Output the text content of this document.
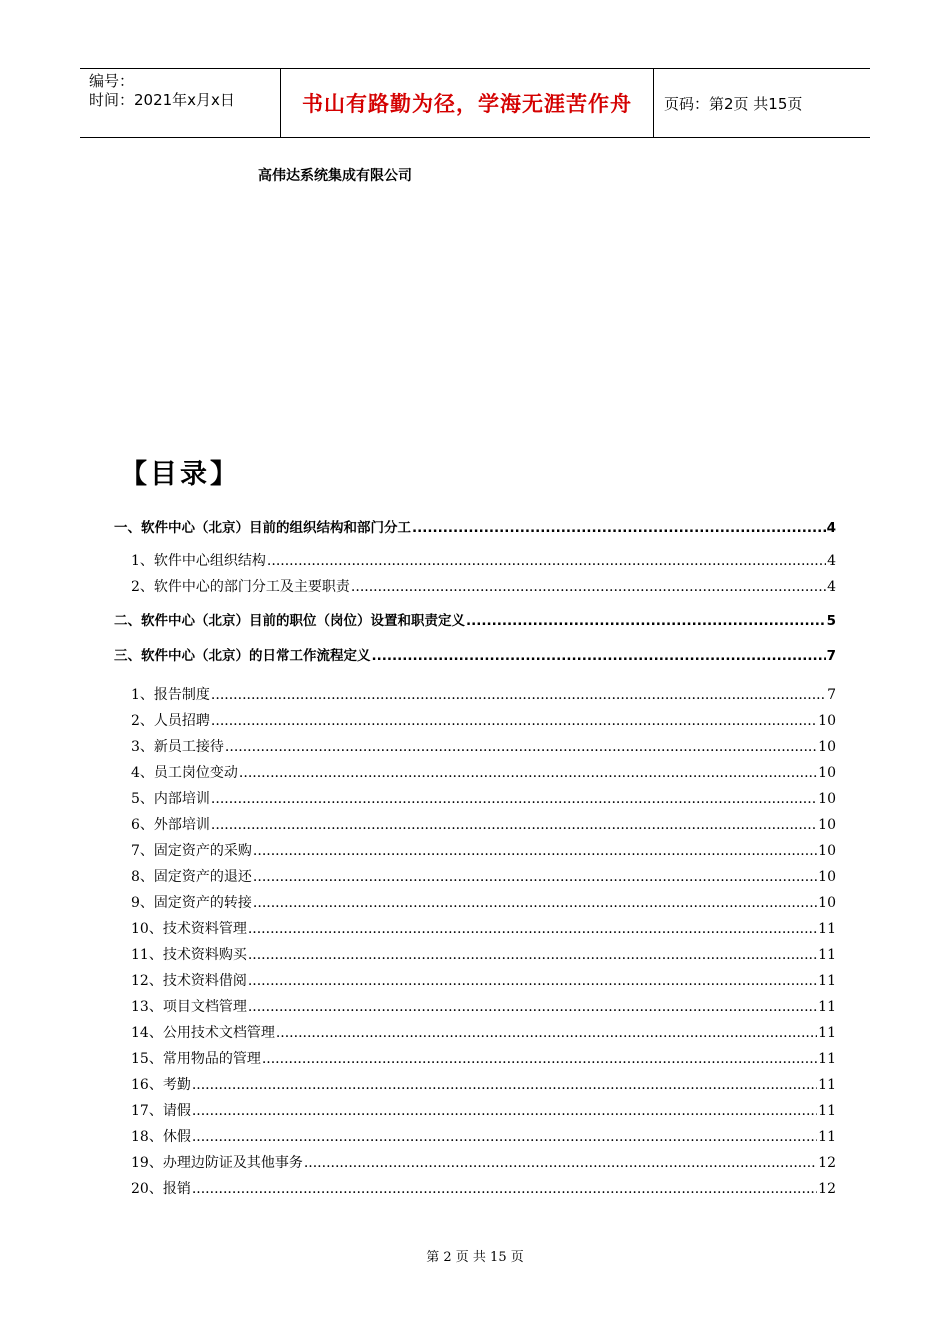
编号：
时间：2021年x月x日	书山有路勤为径，学海无涯苦作舟	页码：第2页 共15页
高伟达系统集成有限公司
【目录】
一、软件中心（北京）目前的组织结构和部门分工 .....	4
1、软件中心组织结构 .....	4
2、软件中心的部门分工及主要职责 .....	4
二、软件中心（北京）目前的职位（岗位）设置和职责定义 .....	5
三、软件中心（北京）的日常工作流程定义 .....	7
1、报告制度 .....	7
2、人员招聘 .....	10
3、新员工接待 .....	10
4、员工岗位变动 .....	10
5、内部培训 .....	10
6、外部培训 .....	10
7、固定资产的采购 .....	10
8、固定资产的退还 .....	10
9、固定资产的转接 .....	10
10、技术资料管理 .....	11
11、技术资料购买 .....	11
12、技术资料借阅 .....	11
13、项目文档管理 .....	11
14、公用技术文档管理 .....	11
15、常用物品的管理 .....	11
16、考勤 .....	11
17、请假 .....	11
18、休假 .....	11
19、办理边防证及其他事务 .....	12
20、报销 .....	12
第 2 页 共 15 页
